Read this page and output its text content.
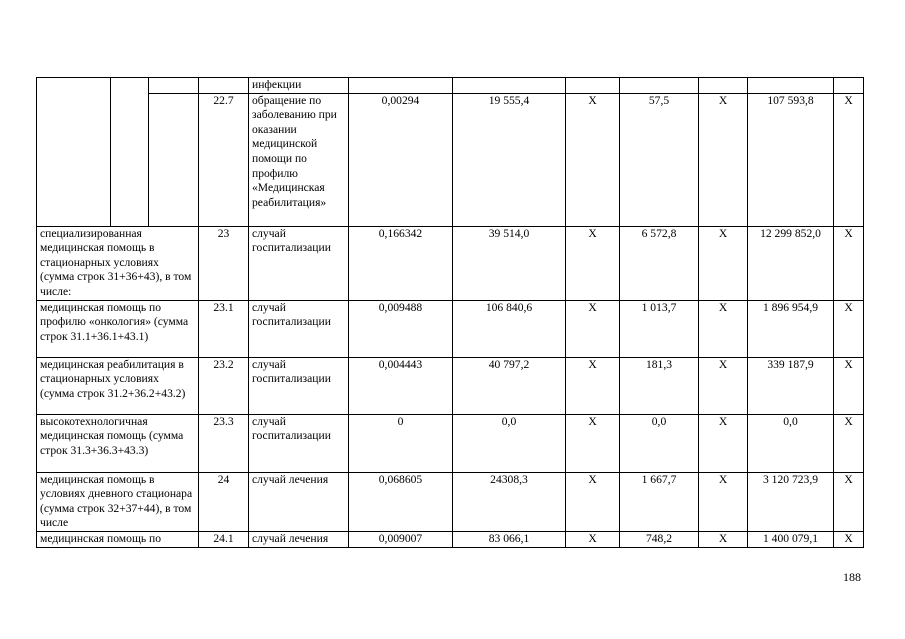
				инфекции							
			22.7	обращение по заболеванию при оказании медицинской помощи по профилю «Медицинская реабилитация»	0,00294	19 555,4	Х	57,5	Х	107 593,8	Х
специализированная медицинская помощь в стационарных условиях (сумма строк 31+36+43), в том числе:			23	случай госпитализации	0,166342	39 514,0	Х	6 572,8	Х	12 299 852,0	Х
медицинская помощь по профилю «онкология» (сумма строк 31.1+36.1+43.1)			23.1	случай госпитализации	0,009488	106 840,6	Х	1 013,7	Х	1 896 954,9	Х
медицинская реабилитация в стационарных условиях (сумма строк 31.2+36.2+43.2)			23.2	случай госпитализации	0,004443	40 797,2	Х	181,3	Х	339 187,9	Х
высокотехнологичная медицинская помощь (сумма строк 31.3+36.3+43.3)			23.3	случай госпитализации	0	0,0	Х	0,0	Х	0,0	Х
медицинская помощь в условиях дневного стационара (сумма строк 32+37+44), в том числе			24	случай лечения	0,068605	24308,3	Х	1 667,7	Х	3 120 723,9	Х
медицинская помощь по			24.1	случай лечения	0,009007	83 066,1	Х	748,2	Х	1 400 079,1	Х
188
